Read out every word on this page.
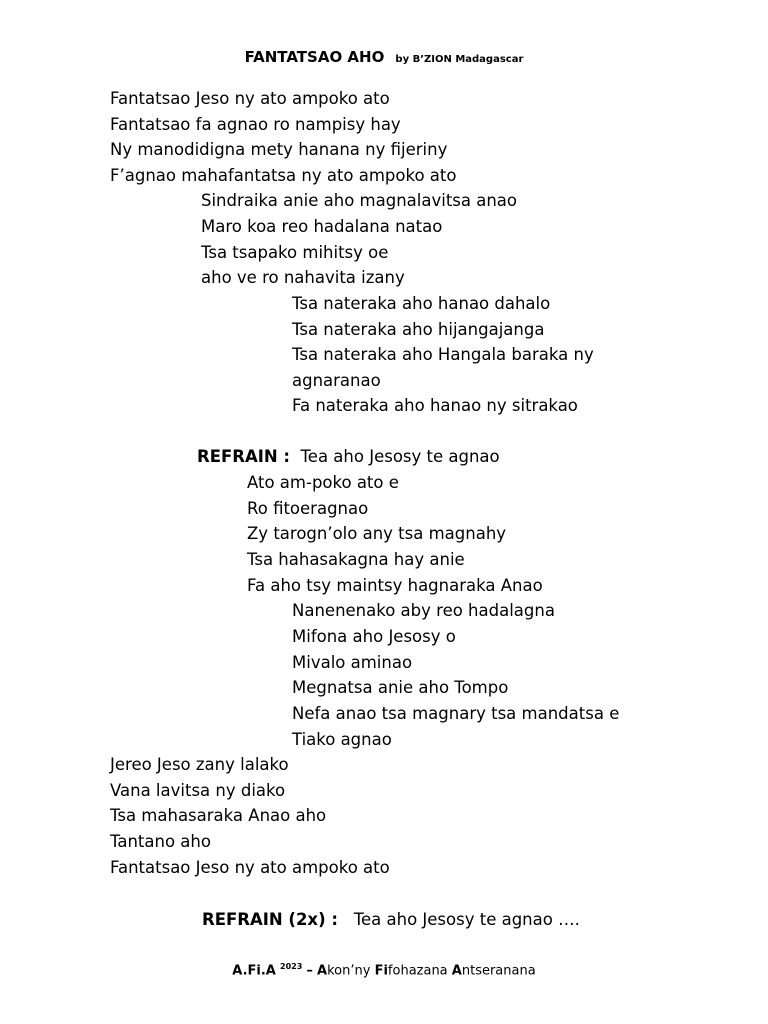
FANTATSAO AHO by B’ZION Madagascar
Fantatsao Jeso ny ato ampoko ato
Fantatsao fa agnao ro nampisy hay
Ny manodidigna mety hanana ny fijeriny
F’agnao mahafantatsa ny ato ampoko ato
Sindraika anie aho magnalavitsa anao
Maro koa reo hadalana natao
Tsa tsapako mihitsy oe
aho ve ro nahavita izany
Tsa nateraka aho hanao dahalo
Tsa nateraka aho hijangajanga
Tsa nateraka aho Hangala baraka ny
agnaranao
Fa nateraka aho hanao ny sitrakao
REFRAIN : Tea aho Jesosy te agnao
Ato am-poko ato e
Ro fitoeragnao
Zy tarogn’olo any tsa magnahy
Tsa hahasakagna hay anie
Fa aho tsy maintsy hagnaraka Anao
Nanenenako aby reo hadalagna
Mifona aho Jesosy o
Mivalo aminao
Megnatsa anie aho Tompo
Nefa anao tsa magnary tsa mandatsa e
Tiako agnao
Jereo Jeso zany lalako
Vana lavitsa ny diako
Tsa mahasaraka Anao aho
Tantano aho
Fantatsao Jeso ny ato ampoko ato
REFRAIN (2x) : Tea aho Jesosy te agnao ….
A.Fi.A $^{2023}$ – Akon’ny Fifohazana Antseranana
